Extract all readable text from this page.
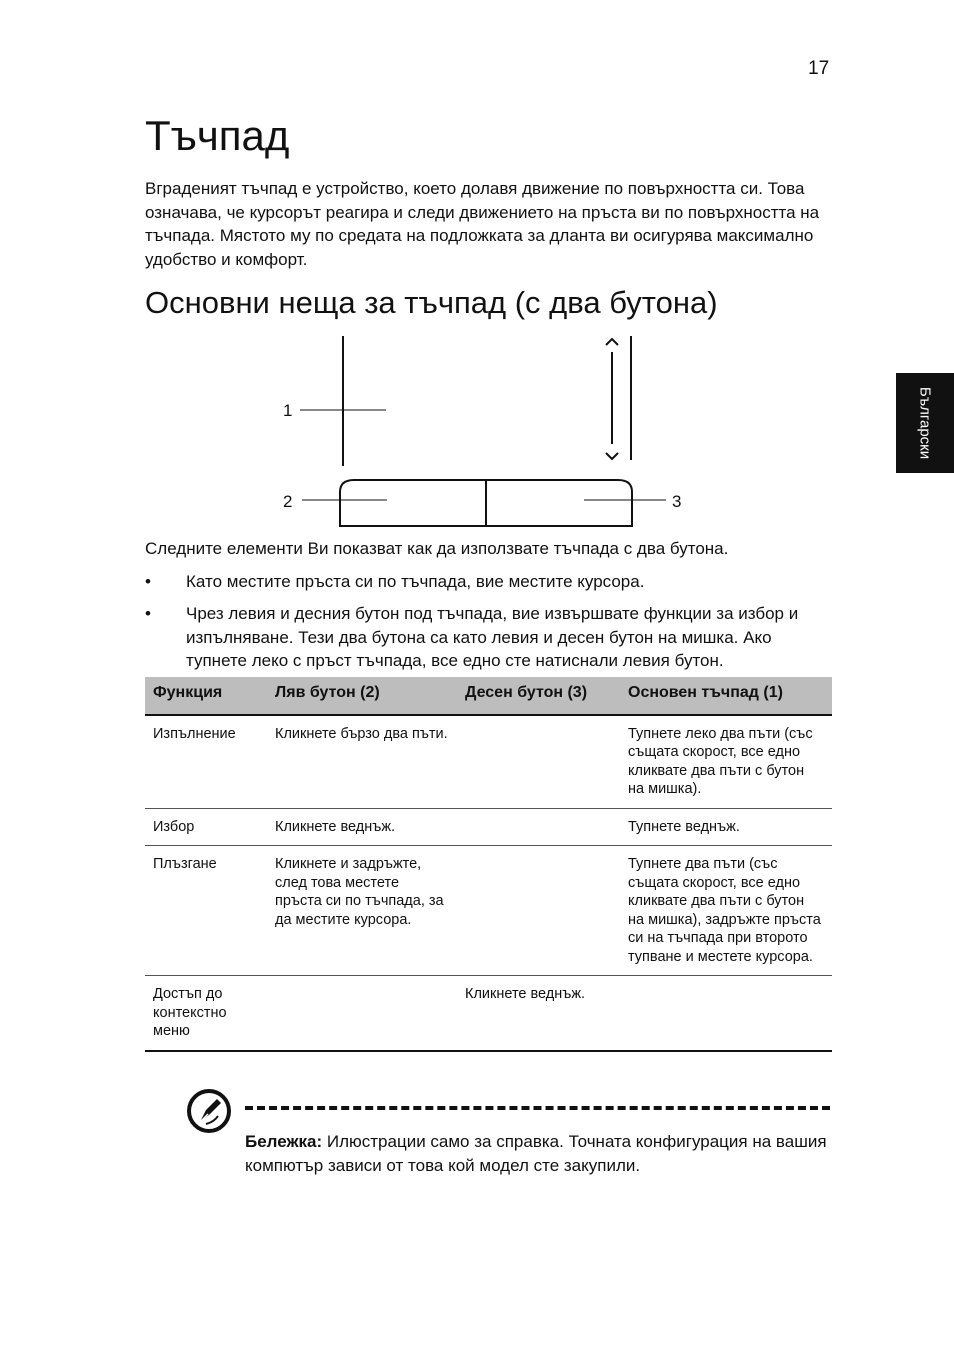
17
Български
Тъчпад

Вграденият тъчпад е устройство, което долавя движение по повърхността си. Това означава, че курсорът реагира и следи движението на пръста ви по повърхността на тъчпада. Мястото му по средата на подложката за дланта ви осигурява максимално удобство и комфорт.

Основни неща за тъчпад (с два бутона)
1
2	3

Следните елементи Ви показват как да използвате тъчпада с два бутона.

• Като местите пръста си по тъчпада, вие местите курсора.
• Чрез левия и десния бутон под тъчпада, вие извършвате функции за избор и изпълняване. Тези два бутона са като левия и десен бутон на мишка. Ако тупнете леко с пръст тъчпада, все едно сте натиснали левия бутон.
Функция	Ляв бутон (2)	Десен бутон (3)	Основен тъчпад (1)
Изпълнение	Кликнете бързо два пъти.		Тупнете леко два пъти (със същата скорост, все едно кликвате два пъти с бутон на мишка).
Избор	Кликнете веднъж.		Тупнете веднъж.
Плъзгане	Кликнете и задръжте, след това местете пръста си по тъчпада, за да местите курсора.		Тупнете два пъти (със същата скорост, все едно кликвате два пъти с бутон на мишка), задръжте пръста си на тъчпада при второто тупване и местете курсора.
Достъп до контекстно меню		Кликнете веднъж.	

Бележка: Илюстрации само за справка. Точната конфигурация на вашия компютър зависи от това кой модел сте закупили.
